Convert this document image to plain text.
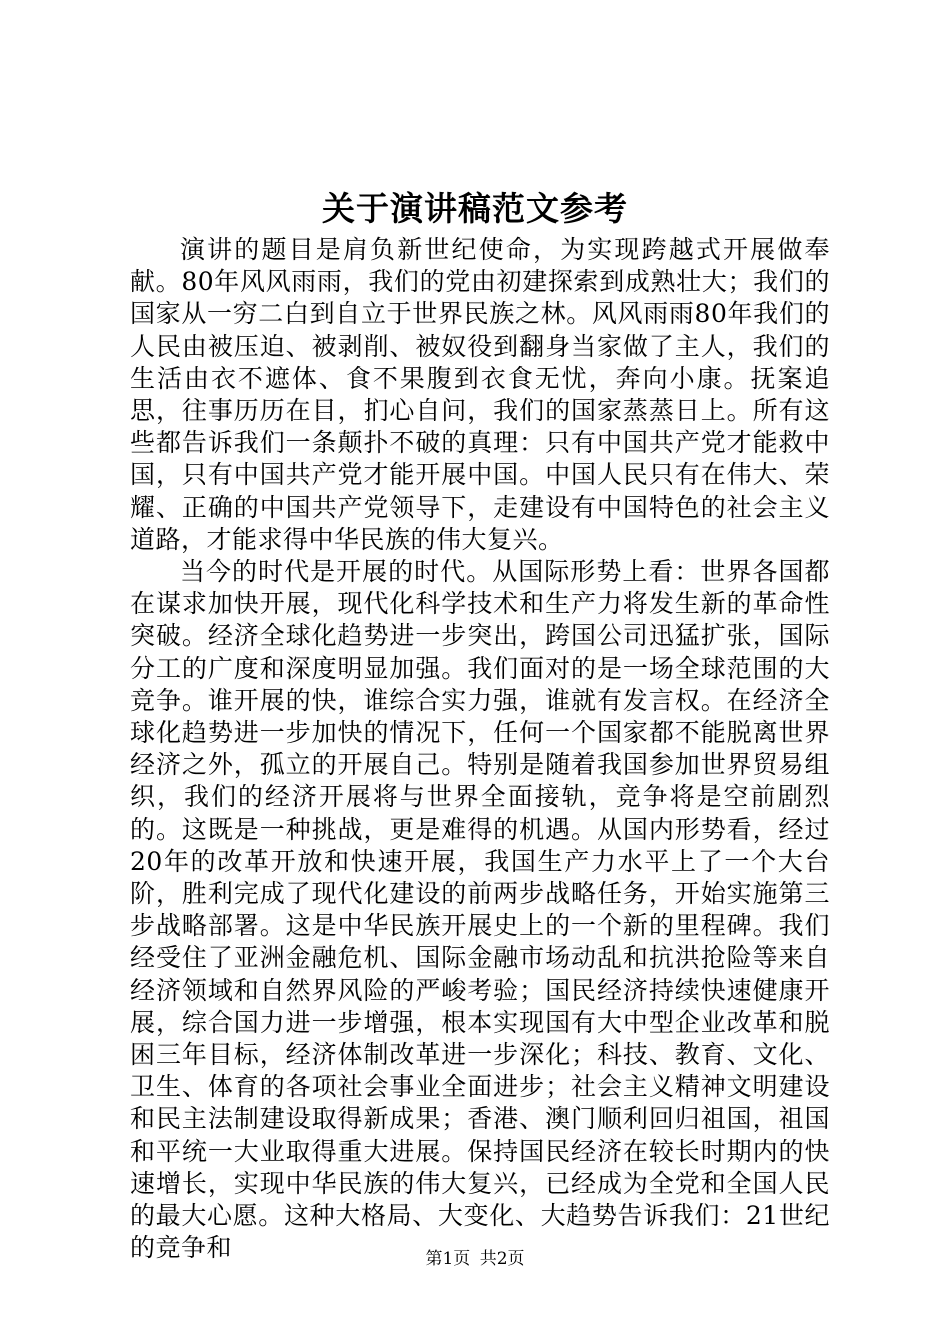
关于演讲稿范文参考

演讲的题目是肩负新世纪使命，为实现跨越式开展做奉献。80年风风雨雨，我们的党由初建探索到成熟壮大；我们的国家从一穷二白到自立于世界民族之林。风风雨雨80年我们的人民由被压迫、被剥削、被奴役到翻身当家做了主人，我们的生活由衣不遮体、食不果腹到衣食无忧，奔向小康。抚案追思，往事历历在目，扪心自问，我们的国家蒸蒸日上。所有这些都告诉我们一条颠扑不破的真理：只有中国共产党才能救中国，只有中国共产党才能开展中国。中国人民只有在伟大、荣耀、正确的中国共产党领导下，走建设有中国特色的社会主义道路，才能求得中华民族的伟大复兴。

当今的时代是开展的时代。从国际形势上看：世界各国都在谋求加快开展，现代化科学技术和生产力将发生新的革命性突破。经济全球化趋势进一步突出，跨国公司迅猛扩张，国际分工的广度和深度明显加强。我们面对的是一场全球范围的大竞争。谁开展的快，谁综合实力强，谁就有发言权。在经济全球化趋势进一步加快的情况下，任何一个国家都不能脱离世界经济之外，孤立的开展自己。特别是随着我国参加世界贸易组织，我们的经济开展将与世界全面接轨，竞争将是空前剧烈的。这既是一种挑战，更是难得的机遇。从国内形势看，经过20年的改革开放和快速开展，我国生产力水平上了一个大台阶，胜利完成了现代化建设的前两步战略任务，开始实施第三步战略部署。这是中华民族开展史上的一个新的里程碑。我们经受住了亚洲金融危机、国际金融市场动乱和抗洪抢险等来自经济领域和自然界风险的严峻考验；国民经济持续快速健康开展，综合国力进一步增强，根本实现国有大中型企业改革和脱困三年目标，经济体制改革进一步深化；科技、教育、文化、卫生、体育的各项社会事业全面进步；社会主义精神文明建设和民主法制建设取得新成果；香港、澳门顺利回归祖国，祖国和平统一大业取得重大进展。保持国民经济在较长时期内的快速增长，实现中华民族的伟大复兴，已经成为全党和全国人民的最大心愿。这种大格局、大变化、大趋势告诉我们：21世纪的竞争和	第1页 共2页
